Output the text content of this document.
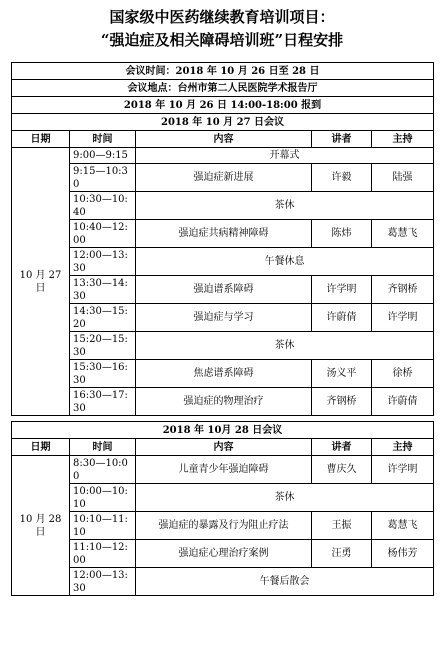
国家级中医药继续教育培训项目：
“强迫症及相关障碍培训班”日程安排
会议时间：2018 年 10 月 26 日至 28 日				
会议地点：台州市第二人民医院学术报告厅				
2018 年 10 月 26 日 14:00-18:00 报到				
2018 年 10 月 27 日会议				
日期	时间	内容	讲者	主持
10 月 27 日	9:00—9:15	开幕式		
	9:15—10:30	强迫症新进展	许毅	陆强
	10:30—10:40	茶休		
	10:40—12:00	强迫症共病精神障碍	陈炜	葛慧飞
	12:00—13:30	午餐休息		
	13:30—14:30	强迫谱系障碍	许学明	齐钢桥
	14:30—15:20	强迫症与学习	许蔚倩	许学明
	15:20—15:30	茶休		
	15:30—16:30	焦虑谱系障碍	汤义平	徐桥
	16:30—17:30	强迫症的物理治疗	齐钢桥	许蔚倩

2018 年 10月 28 日会议				
日期	时间	内容	讲者	主持
10 月 28 日	8:30—10:00	儿童青少年强迫障碍	曹庆久	许学明
	10:00—10:10	茶休		
	10:10—11:10	强迫症的暴露及行为阻止疗法	王振	葛慧飞
	11:10—12:00	强迫症心理治疗案例	汪勇	杨伟芳
	12:00—13:30	午餐后散会		
